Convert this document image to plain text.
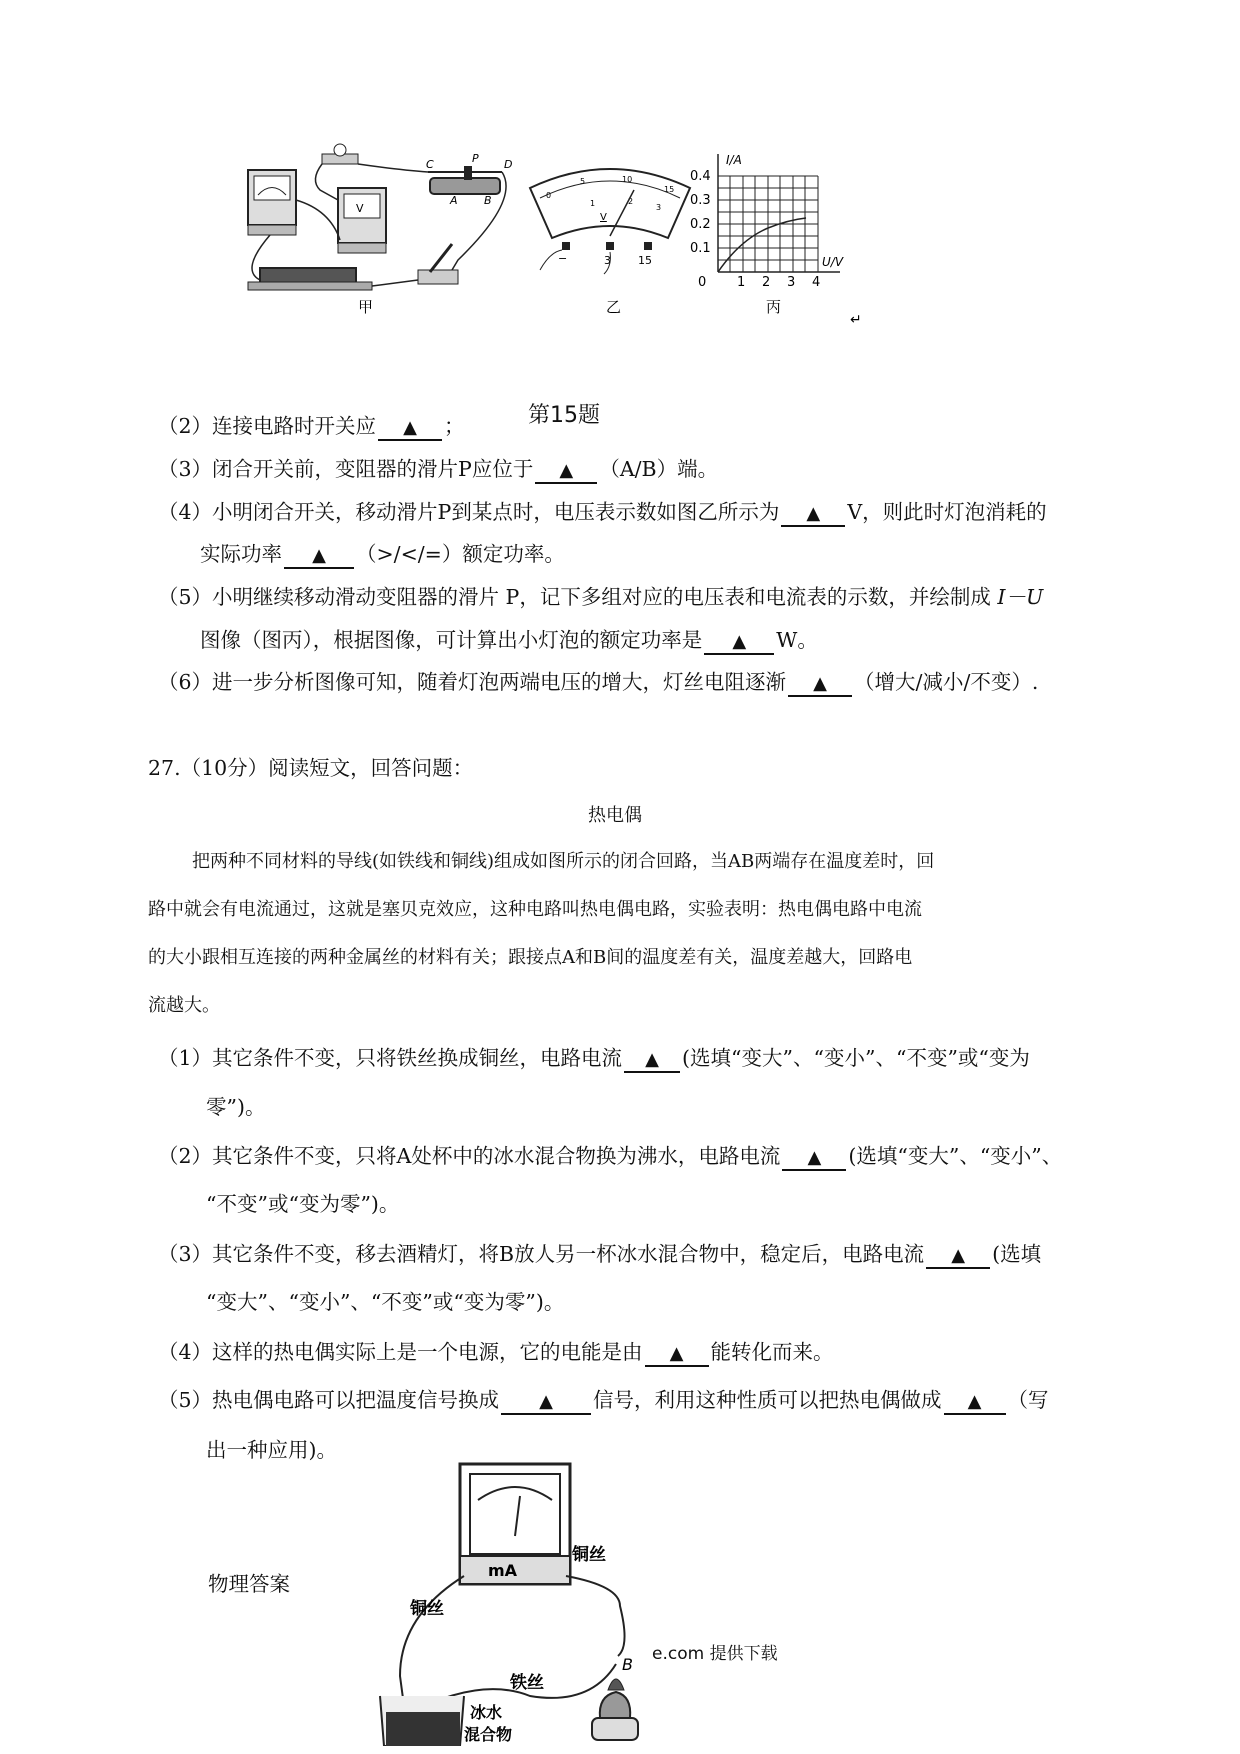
V
C	P D
A B
甲
0
5	10
15
1	2
3
V
−	3 15
乙
I/A
U/V
0.4
0.3
0.2
0.1
0 1 2 3 4
丙
↵
第15题
（2）连接电路时开关应 ▲ ；
（3）闭合开关前，变阻器的滑片P应位于 ▲ （A/B）端。
（4）小明闭合开关，移动滑片P到某点时，电压表示数如图乙所示为 ▲ V，则此时灯泡消耗的
实际功率 ▲ （>/</=）额定功率。
（5）小明继续移动滑动变阻器的滑片 P，记下多组对应的电压表和电流表的示数，并绘制成 I－U
图像（图丙），根据图像，可计算出小灯泡的额定功率是 ▲ W。
（6）进一步分析图像可知，随着灯泡两端电压的增大，灯丝电阻逐渐 ▲ （增大/减小/不变）.
27.（10分）阅读短文，回答问题：
热电偶
把两种不同材料的导线(如铁线和铜线)组成如图所示的闭合回路，当AB两端存在温度差时，回
路中就会有电流通过，这就是塞贝克效应，这种电路叫热电偶电路，实验表明：热电偶电路中电流
的大小跟相互连接的两种金属丝的材料有关；跟接点A和B间的温度差有关，温度差越大，回路电
流越大。
（1）其它条件不变，只将铁丝换成铜丝，电路电流 ▲ (选填“变大”、“变小”、“不变”或“变为
零”)。
（2）其它条件不变，只将A处杯中的冰水混合物换为沸水，电路电流 ▲ (选填“变大”、“变小”、
“不变”或“变为零”)。
（3）其它条件不变，移去酒精灯，将B放人另一杯冰水混合物中，稳定后，电路电流 ▲ (选填
“变大”、“变小”、“不变”或“变为零”)。
（4）这样的热电偶实际上是一个电源，它的电能是由 ▲ 能转化而来。
（5）热电偶电路可以把温度信号换成 ▲ 信号，利用这种性质可以把热电偶做成 ▲ （写
出一种应用)。
物理答案
mA
铜丝
铜丝
铁丝
B
冰水
混合物
e.com 提供下载
